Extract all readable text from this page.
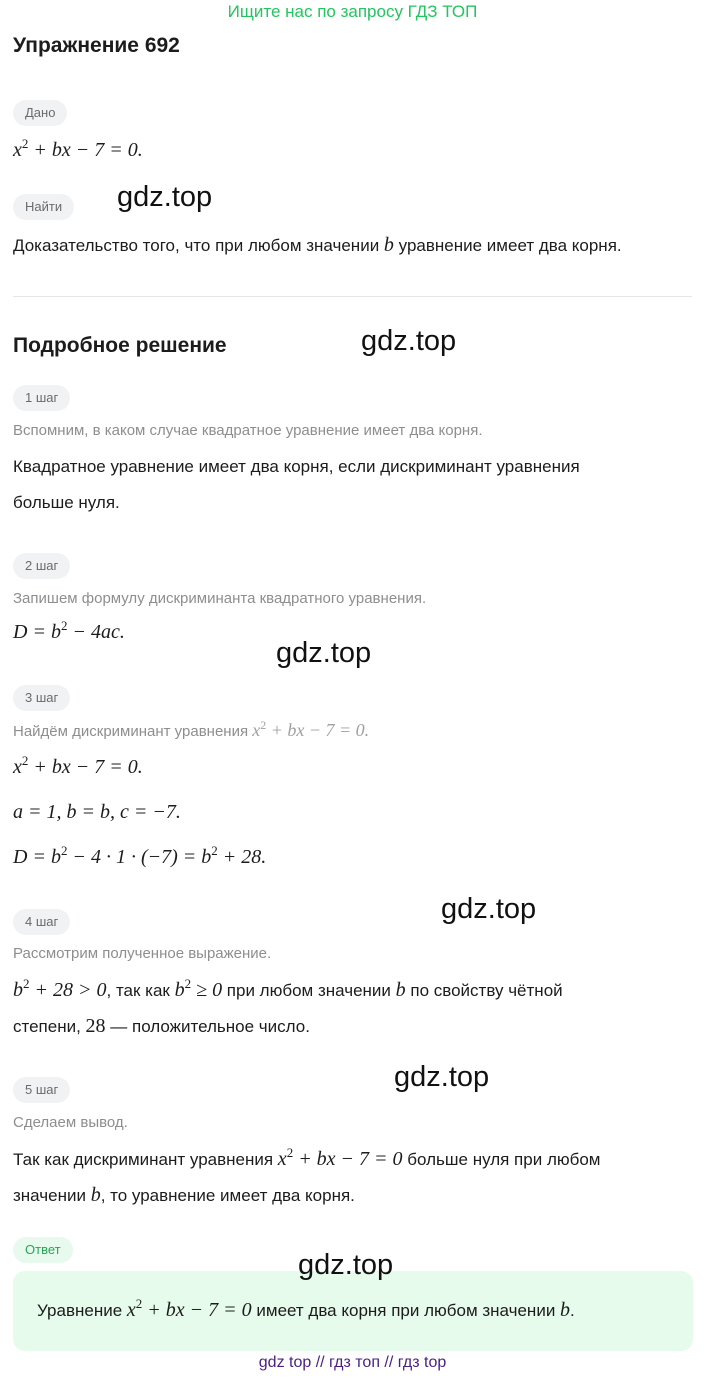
Ищите нас по запросу ГДЗ ТОП
Упражнение 692
Дано
$x^2$ + bx − 7 = 0.
Найти	gdz.top
Доказательство того, что при любом значении b уравнение имеет два корня.
Подробное решение	gdz.top
1 шаг
Вспомним, в каком случае квадратное уравнение имеет два корня.
Квадратное уравнение имеет два корня, если дискриминант уравнения
больше нуля.
2 шаг
Запишем формулу дискриминанта квадратного уравнения.
$D = b^2 - 4ac$.
gdz.top
3 шаг
Найдём дискриминант уравнения $x^2$ + bx − 7 = 0.
$x^2$ + bx − 7 = 0.
a = 1, b = b, c = −7.
$D = b^2 - 4 \cdot 1 \cdot (-7) = b^2 + 28$.
gdz.top
4 шаг
Рассмотрим полученное выражение.
$b^2 + 28 > 0$, так как $b^2 \ge 0$ при любом значении b по свойству чётной
степени, 28 — положительное число.
gdz.top
5 шаг
Сделаем вывод.
Так как дискриминант уравнения $x^2$ + bx − 7 = 0 больше нуля при любом
значении b, то уравнение имеет два корня.
Ответ	gdz.top
Уравнение $x^2$ + bx − 7 = 0 имеет два корня при любом значении b.
gdz top // гдз топ // гдз top
